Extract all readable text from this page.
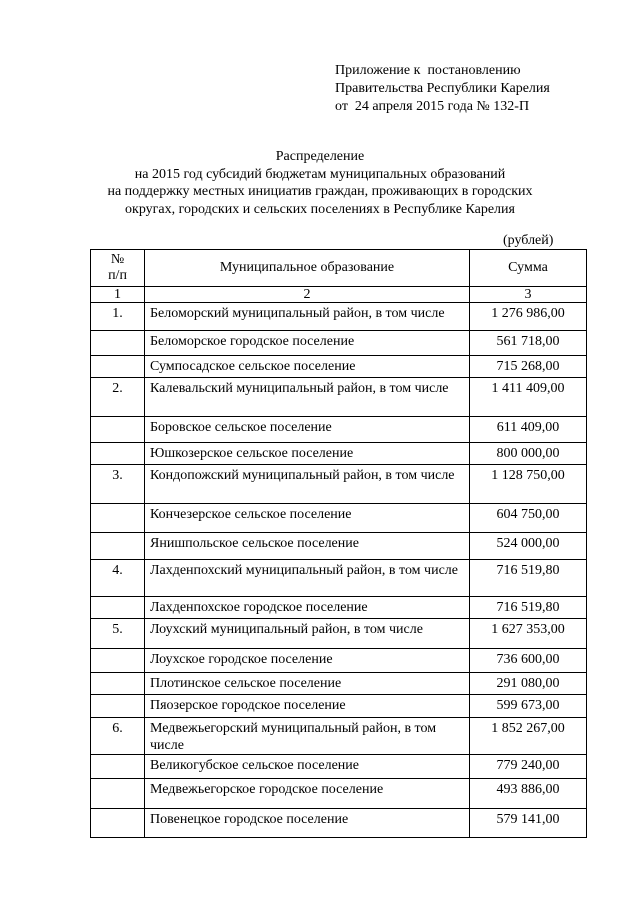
Приложение к  постановлению
Правительства Республики Карелия
от  24 апреля 2015 года № 132-П
Распределение
на 2015 год субсидий бюджетам муниципальных образований
на поддержку местных инициатив граждан, проживающих в городских
округах, городских и сельских поселениях в Республике Карелия
(рублей)
№
п/п	Муниципальное образование	Сумма
1	2	3
1.	Беломорский муниципальный район, в том числе	1 276 986,00
	Беломорское городское поселение	561 718,00
	Сумпосадское сельское поселение	715 268,00
2.	Калевальский муниципальный район, в том числе	1 411 409,00
	Боровское сельское поселение	611 409,00
	Юшкозерское сельское поселение	800 000,00
3.	Кондопожский муниципальный район, в том числе	1 128 750,00
	Кончезерское сельское поселение	604 750,00
	Янишпольское сельское поселение	524 000,00
4.	Лахденпохский муниципальный район, в том числе	716 519,80
	Лахденпохское городское поселение	716 519,80
5.	Лоухский муниципальный район, в том числе	1 627 353,00
	Лоухское городское поселение	736 600,00
	Плотинское сельское поселение	291 080,00
	Пяозерское городское поселение	599 673,00
6.	Медвежьегорский муниципальный район, в том числе	1 852 267,00
	Великогубское сельское поселение	779 240,00
	Медвежьегорское городское поселение	493 886,00
	Повенецкое городское поселение	579 141,00
